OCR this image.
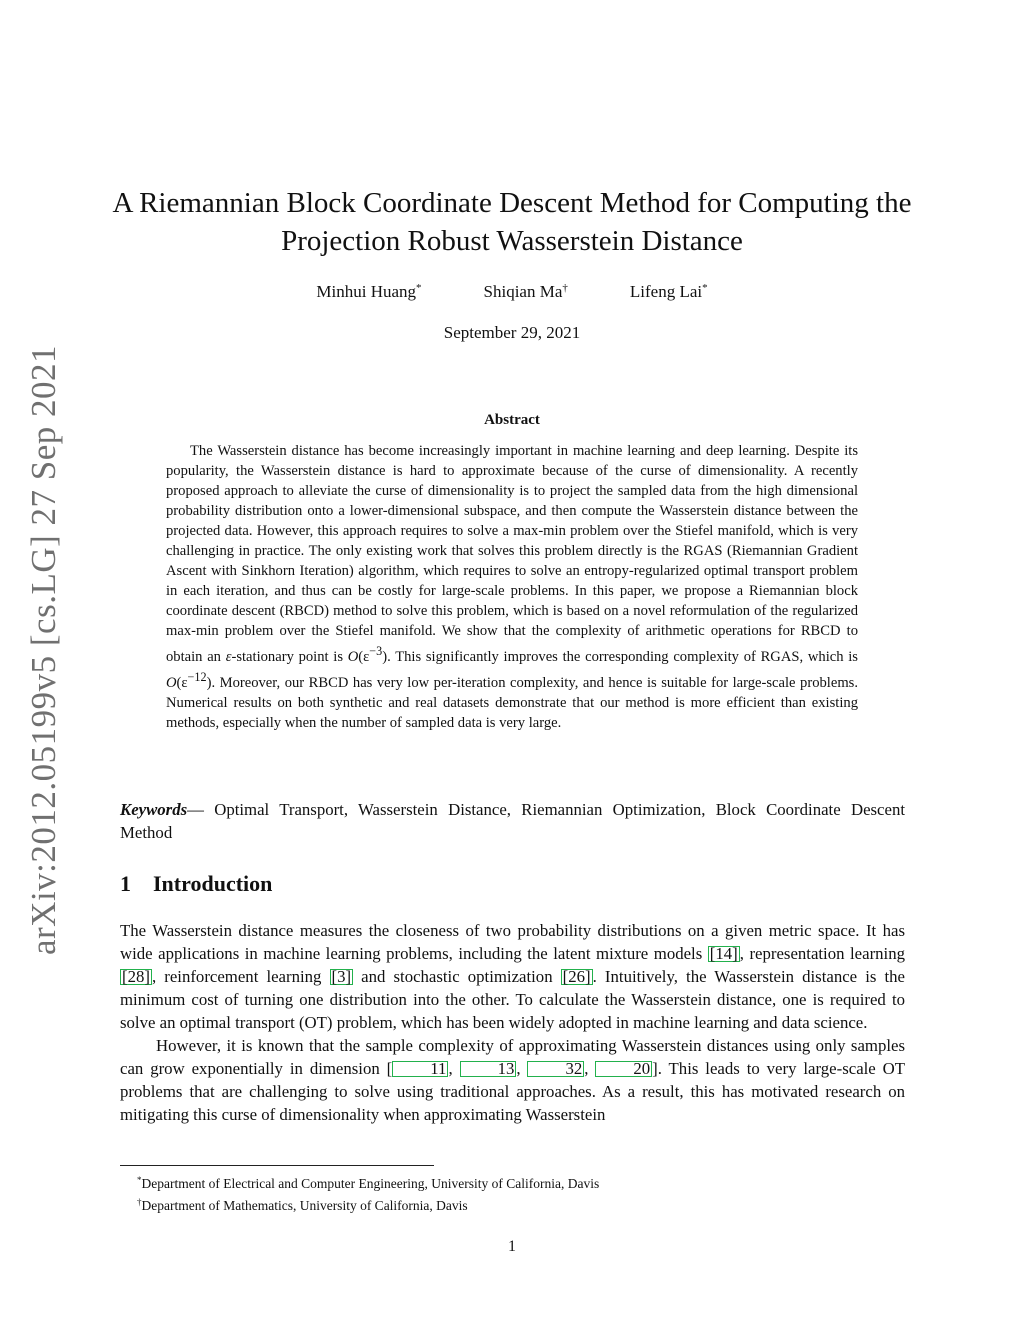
arXiv:2012.05199v5 [cs.LG] 27 Sep 2021
A Riemannian Block Coordinate Descent Method for Computing the Projection Robust Wasserstein Distance
Minhui Huang*	Shiqian Ma†	Lifeng Lai*
September 29, 2021
Abstract

The Wasserstein distance has become increasingly important in machine learning and deep learning. Despite its popularity, the Wasserstein distance is hard to approximate because of the curse of dimensionality. A recently proposed approach to alleviate the curse of dimensionality is to project the sampled data from the high dimensional probability distribution onto a lower-dimensional subspace, and then compute the Wasserstein distance between the projected data. However, this approach requires to solve a max-min problem over the Stiefel manifold, which is very challenging in practice. The only existing work that solves this problem directly is the RGAS (Riemannian Gradient Ascent with Sinkhorn Iteration) algorithm, which requires to solve an entropy-regularized optimal transport problem in each iteration, and thus can be costly for large-scale problems. In this paper, we propose a Riemannian block coordinate descent (RBCD) method to solve this problem, which is based on a novel reformulation of the regularized max-min problem over the Stiefel manifold. We show that the complexity of arithmetic operations for RBCD to obtain an ε-stationary point is $O(\varepsilon^{-3})$. This significantly improves the corresponding complexity of RGAS, which is $O(\varepsilon^{-12})$. Moreover, our RBCD has very low per-iteration complexity, and hence is suitable for large-scale problems. Numerical results on both synthetic and real datasets demonstrate that our method is more efficient than existing methods, especially when the number of sampled data is very large.

Keywords— Optimal Transport, Wasserstein Distance, Riemannian Optimization, Block Coordinate Descent Method
1 Introduction

The Wasserstein distance measures the closeness of two probability distributions on a given metric space. It has wide applications in machine learning problems, including the latent mixture models [14] , representation learning [28] , reinforcement learning [3] and stochastic optimization [26] . Intuitively, the Wasserstein distance is the minimum cost of turning one distribution into the other. To calculate the Wasserstein distance, one is required to solve an optimal transport (OT) problem, which has been widely adopted in machine learning and data science.

However, it is known that the sample complexity of approximating Wasserstein distances using only samples can grow exponentially in dimension [ 11 , 13 , 32 , 20 ]. This leads to very large-scale OT problems that are challenging to solve using traditional approaches. As a result, this has motivated research on mitigating this curse of dimensionality when approximating Wasserstein

*Department of Electrical and Computer Engineering, University of California, Davis
†Department of Mathematics, University of California, Davis
1
